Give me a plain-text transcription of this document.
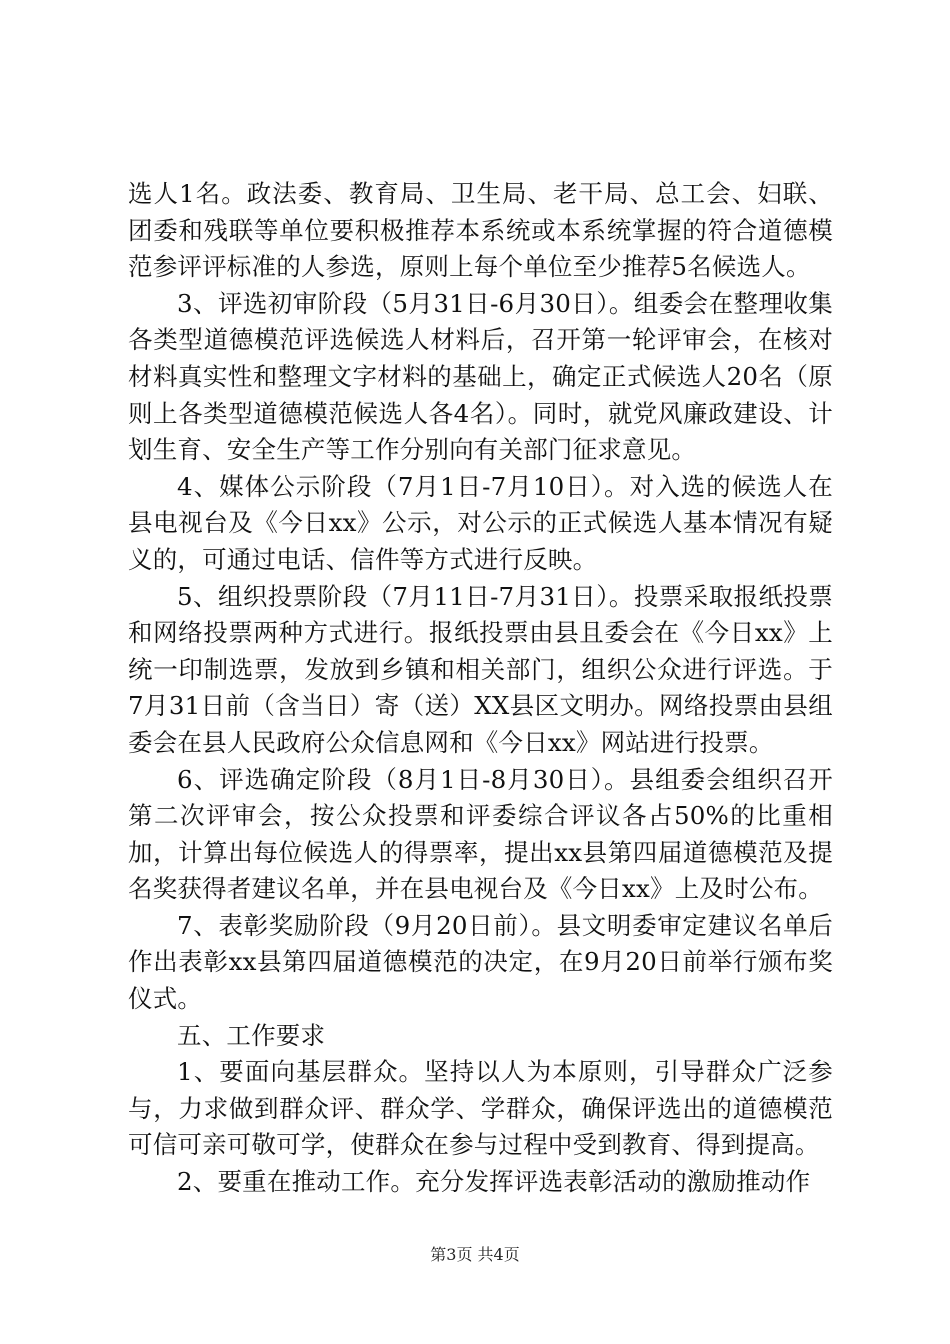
选人1名。政法委、教育局、卫生局、老干局、总工会、妇联、团委和残联等单位要积极推荐本系统或本系统掌握的符合道德模范参评评标准的人参选，原则上每个单位至少推荐5名候选人。

3、评选初审阶段（5月31日-6月30日）。组委会在整理收集各类型道德模范评选候选人材料后，召开第一轮评审会，在核对材料真实性和整理文字材料的基础上，确定正式候选人20名（原则上各类型道德模范候选人各4名）。同时，就党风廉政建设、计划生育、安全生产等工作分别向有关部门征求意见。

4、媒体公示阶段（7月1日-7月10日）。对入选的候选人在县电视台及《今日xx》公示，对公示的正式候选人基本情况有疑义的，可通过电话、信件等方式进行反映。

5、组织投票阶段（7月11日-7月31日）。投票采取报纸投票和网络投票两种方式进行。报纸投票由县且委会在《今日xx》上统一印制选票，发放到乡镇和相关部门，组织公众进行评选。于7月31日前（含当日）寄（送）XX县区文明办。网络投票由县组委会在县人民政府公众信息网和《今日xx》网站进行投票。

6、评选确定阶段（8月1日-8月30日）。县组委会组织召开第二次评审会，按公众投票和评委综合评议各占50%的比重相加，计算出每位候选人的得票率，提出xx县第四届道德模范及提名奖获得者建议名单，并在县电视台及《今日xx》上及时公布。

7、表彰奖励阶段（9月20日前）。县文明委审定建议名单后作出表彰xx县第四届道德模范的决定，在9月20日前举行颁布奖仪式。

五、工作要求

1、要面向基层群众。坚持以人为本原则，引导群众广泛参与，力求做到群众评、群众学、学群众，确保评选出的道德模范可信可亲可敬可学，使群众在参与过程中受到教育、得到提高。

2、要重在推动工作。充分发挥评选表彰活动的激励推动作

第3页 共4页
